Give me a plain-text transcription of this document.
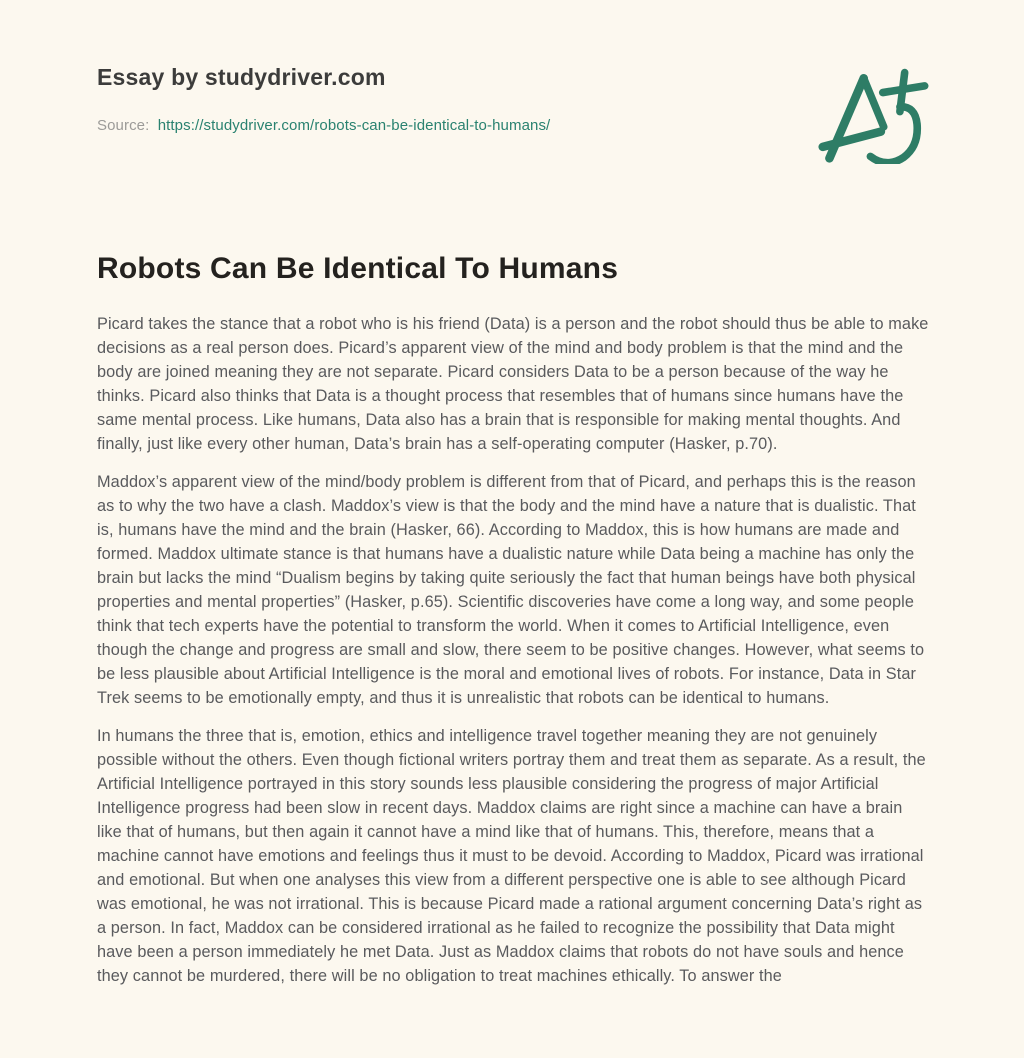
Essay by studydriver.com
Source: https://studydriver.com/robots-can-be-identical-to-humans/
Robots Can Be Identical To Humans

Picard takes the stance that a robot who is his friend (Data) is a person and the robot should thus be able to make decisions as a real person does. Picard’s apparent view of the mind and body problem is that the mind and the body are joined meaning they are not separate. Picard considers Data to be a person because of the way he thinks. Picard also thinks that Data is a thought process that resembles that of humans since humans have the same mental process. Like humans, Data also has a brain that is responsible for making mental thoughts. And finally, just like every other human, Data’s brain has a self-operating computer (Hasker, p.70).

Maddox’s apparent view of the mind/body problem is different from that of Picard, and perhaps this is the reason as to why the two have a clash. Maddox’s view is that the body and the mind have a nature that is dualistic. That is, humans have the mind and the brain (Hasker, 66). According to Maddox, this is how humans are made and formed. Maddox ultimate stance is that humans have a dualistic nature while Data being a machine has only the brain but lacks the mind “Dualism begins by taking quite seriously the fact that human beings have both physical properties and mental properties” (Hasker, p.65). Scientific discoveries have come a long way, and some people think that tech experts have the potential to transform the world. When it comes to Artificial Intelligence, even though the change and progress are small and slow, there seem to be positive changes. However, what seems to be less plausible about Artificial Intelligence is the moral and emotional lives of robots. For instance, Data in Star Trek seems to be emotionally empty, and thus it is unrealistic that robots can be identical to humans.

In humans the three that is, emotion, ethics and intelligence travel together meaning they are not genuinely possible without the others. Even though fictional writers portray them and treat them as separate. As a result, the Artificial Intelligence portrayed in this story sounds less plausible considering the progress of major Artificial Intelligence progress had been slow in recent days. Maddox claims are right since a machine can have a brain like that of humans, but then again it cannot have a mind like that of humans. This, therefore, means that a machine cannot have emotions and feelings thus it must to be devoid. According to Maddox, Picard was irrational and emotional. But when one analyses this view from a different perspective one is able to see although Picard was emotional, he was not irrational. This is because Picard made a rational argument concerning Data’s right as a person. In fact, Maddox can be considered irrational as he failed to recognize the possibility that Data might have been a person immediately he met Data. Just as Maddox claims that robots do not have souls and hence they cannot be murdered, there will be no obligation to treat machines ethically. To answer the
